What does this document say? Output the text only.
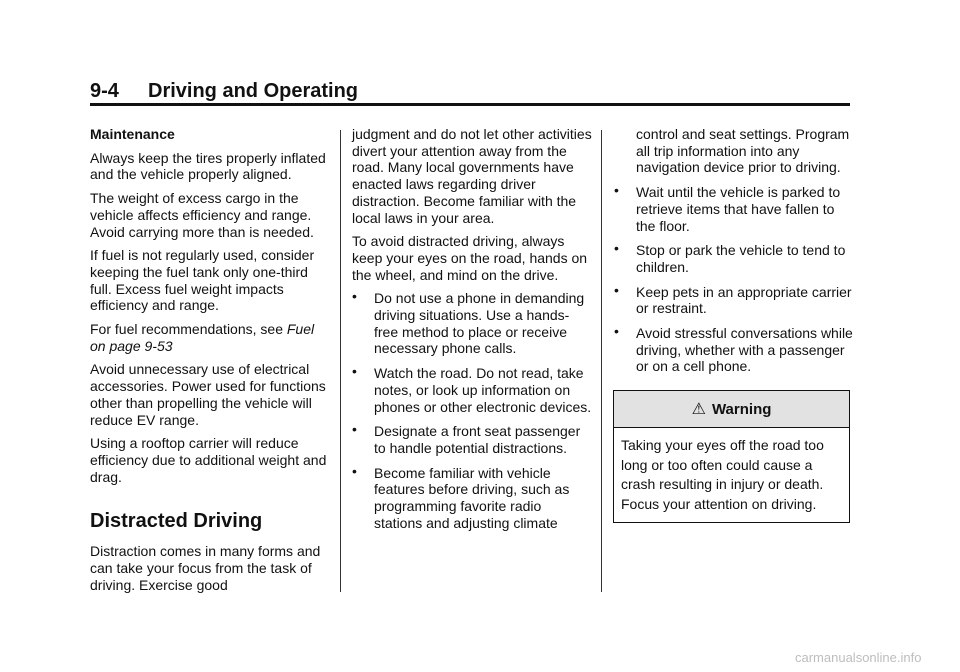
9-4 Driving and Operating

Maintenance

Always keep the tires properly inflated and the vehicle properly aligned.

The weight of excess cargo in the vehicle affects efficiency and range. Avoid carrying more than is needed.

If fuel is not regularly used, consider keeping the fuel tank only one-third full. Excess fuel weight impacts efficiency and range.

For fuel recommendations, see Fuel on page 9-53

Avoid unnecessary use of electrical accessories. Power used for functions other than propelling the vehicle will reduce EV range.

Using a rooftop carrier will reduce efficiency due to additional weight and drag.

Distracted Driving

Distraction comes in many forms and can take your focus from the task of driving. Exercise good

judgment and do not let other activities divert your attention away from the road. Many local governments have enacted laws regarding driver distraction. Become familiar with the local laws in your area.

To avoid distracted driving, always keep your eyes on the road, hands on the wheel, and mind on the drive.

• Do not use a phone in demanding driving situations. Use a hands-free method to place or receive necessary phone calls.
• Watch the road. Do not read, take notes, or look up information on phones or other electronic devices.
• Designate a front seat passenger to handle potential distractions.
• Become familiar with vehicle features before driving, such as programming favorite radio stations and adjusting climate

control and seat settings. Program all trip information into any navigation device prior to driving.

• Wait until the vehicle is parked to retrieve items that have fallen to the floor.
• Stop or park the vehicle to tend to children.
• Keep pets in an appropriate carrier or restraint.
• Avoid stressful conversations while driving, whether with a passenger or on a cell phone.
⚠ Warning
Taking your eyes off the road too long or too often could cause a crash resulting in injury or death. Focus your attention on driving.
carmanualsonline.info
